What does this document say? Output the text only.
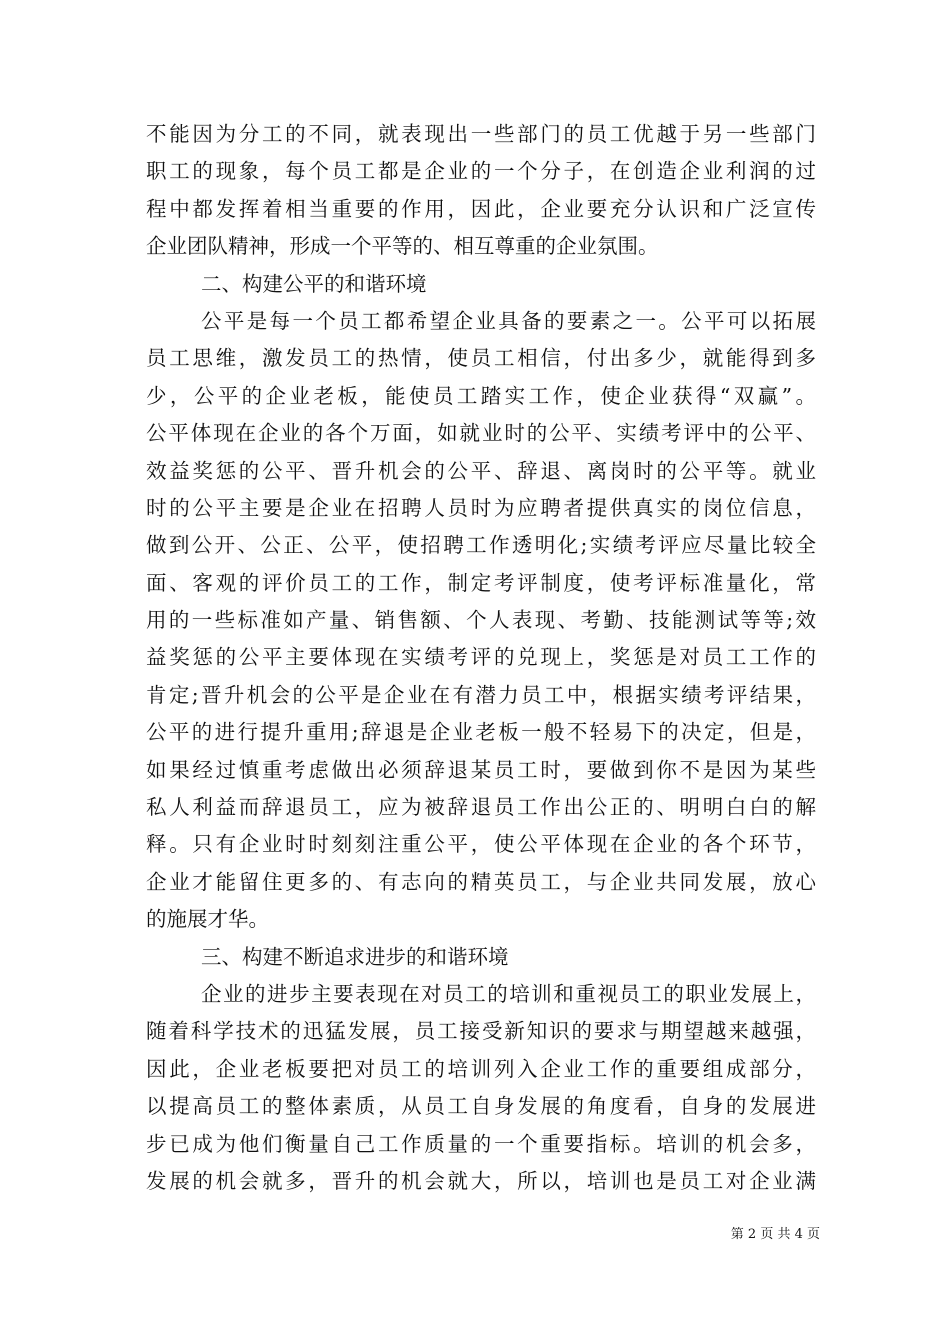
不能因为分工的不同，就表现出一些部门的员工优越于另一些部门
职工的现象，每个员工都是企业的一个分子，在创造企业利润的过
程中都发挥着相当重要的作用，因此，企业要充分认识和广泛宣传
企业团队精神，形成一个平等的、相互尊重的企业氛围。
二、构建公平的和谐环境
公平是每一个员工都希望企业具备的要素之一。公平可以拓展
员工思维，激发员工的热情，使员工相信，付出多少，就能得到多
少，公平的企业老板，能使员工踏实工作，使企业获得“双赢”。
公平体现在企业的各个万面，如就业时的公平、实绩考评中的公平、
效益奖惩的公平、晋升机会的公平、辞退、离岗时的公平等。就业
时的公平主要是企业在招聘人员时为应聘者提供真实的岗位信息，
做到公开、公正、公平，使招聘工作透明化;实绩考评应尽量比较全
面、客观的评价员工的工作，制定考评制度，使考评标准量化，常
用的一些标准如产量、销售额、个人表现、考勤、技能测试等等;效
益奖惩的公平主要体现在实绩考评的兑现上，奖惩是对员工工作的
肯定;晋升机会的公平是企业在有潜力员工中，根据实绩考评结果，
公平的进行提升重用;辞退是企业老板一般不轻易下的决定，但是，
如果经过慎重考虑做出必须辞退某员工时，要做到你不是因为某些
私人利益而辞退员工，应为被辞退员工作出公正的、明明白白的解
释。只有企业时时刻刻注重公平，使公平体现在企业的各个环节，
企业才能留住更多的、有志向的精英员工，与企业共同发展，放心
的施展才华。
三、构建不断追求进步的和谐环境
企业的进步主要表现在对员工的培训和重视员工的职业发展上，
随着科学技术的迅猛发展，员工接受新知识的要求与期望越来越强，
因此，企业老板要把对员工的培训列入企业工作的重要组成部分，
以提高员工的整体素质，从员工自身发展的角度看，自身的发展进
步已成为他们衡量自己工作质量的一个重要指标。培训的机会多，
发展的机会就多，晋升的机会就大，所以，培训也是员工对企业满
第 2 页 共 4 页
